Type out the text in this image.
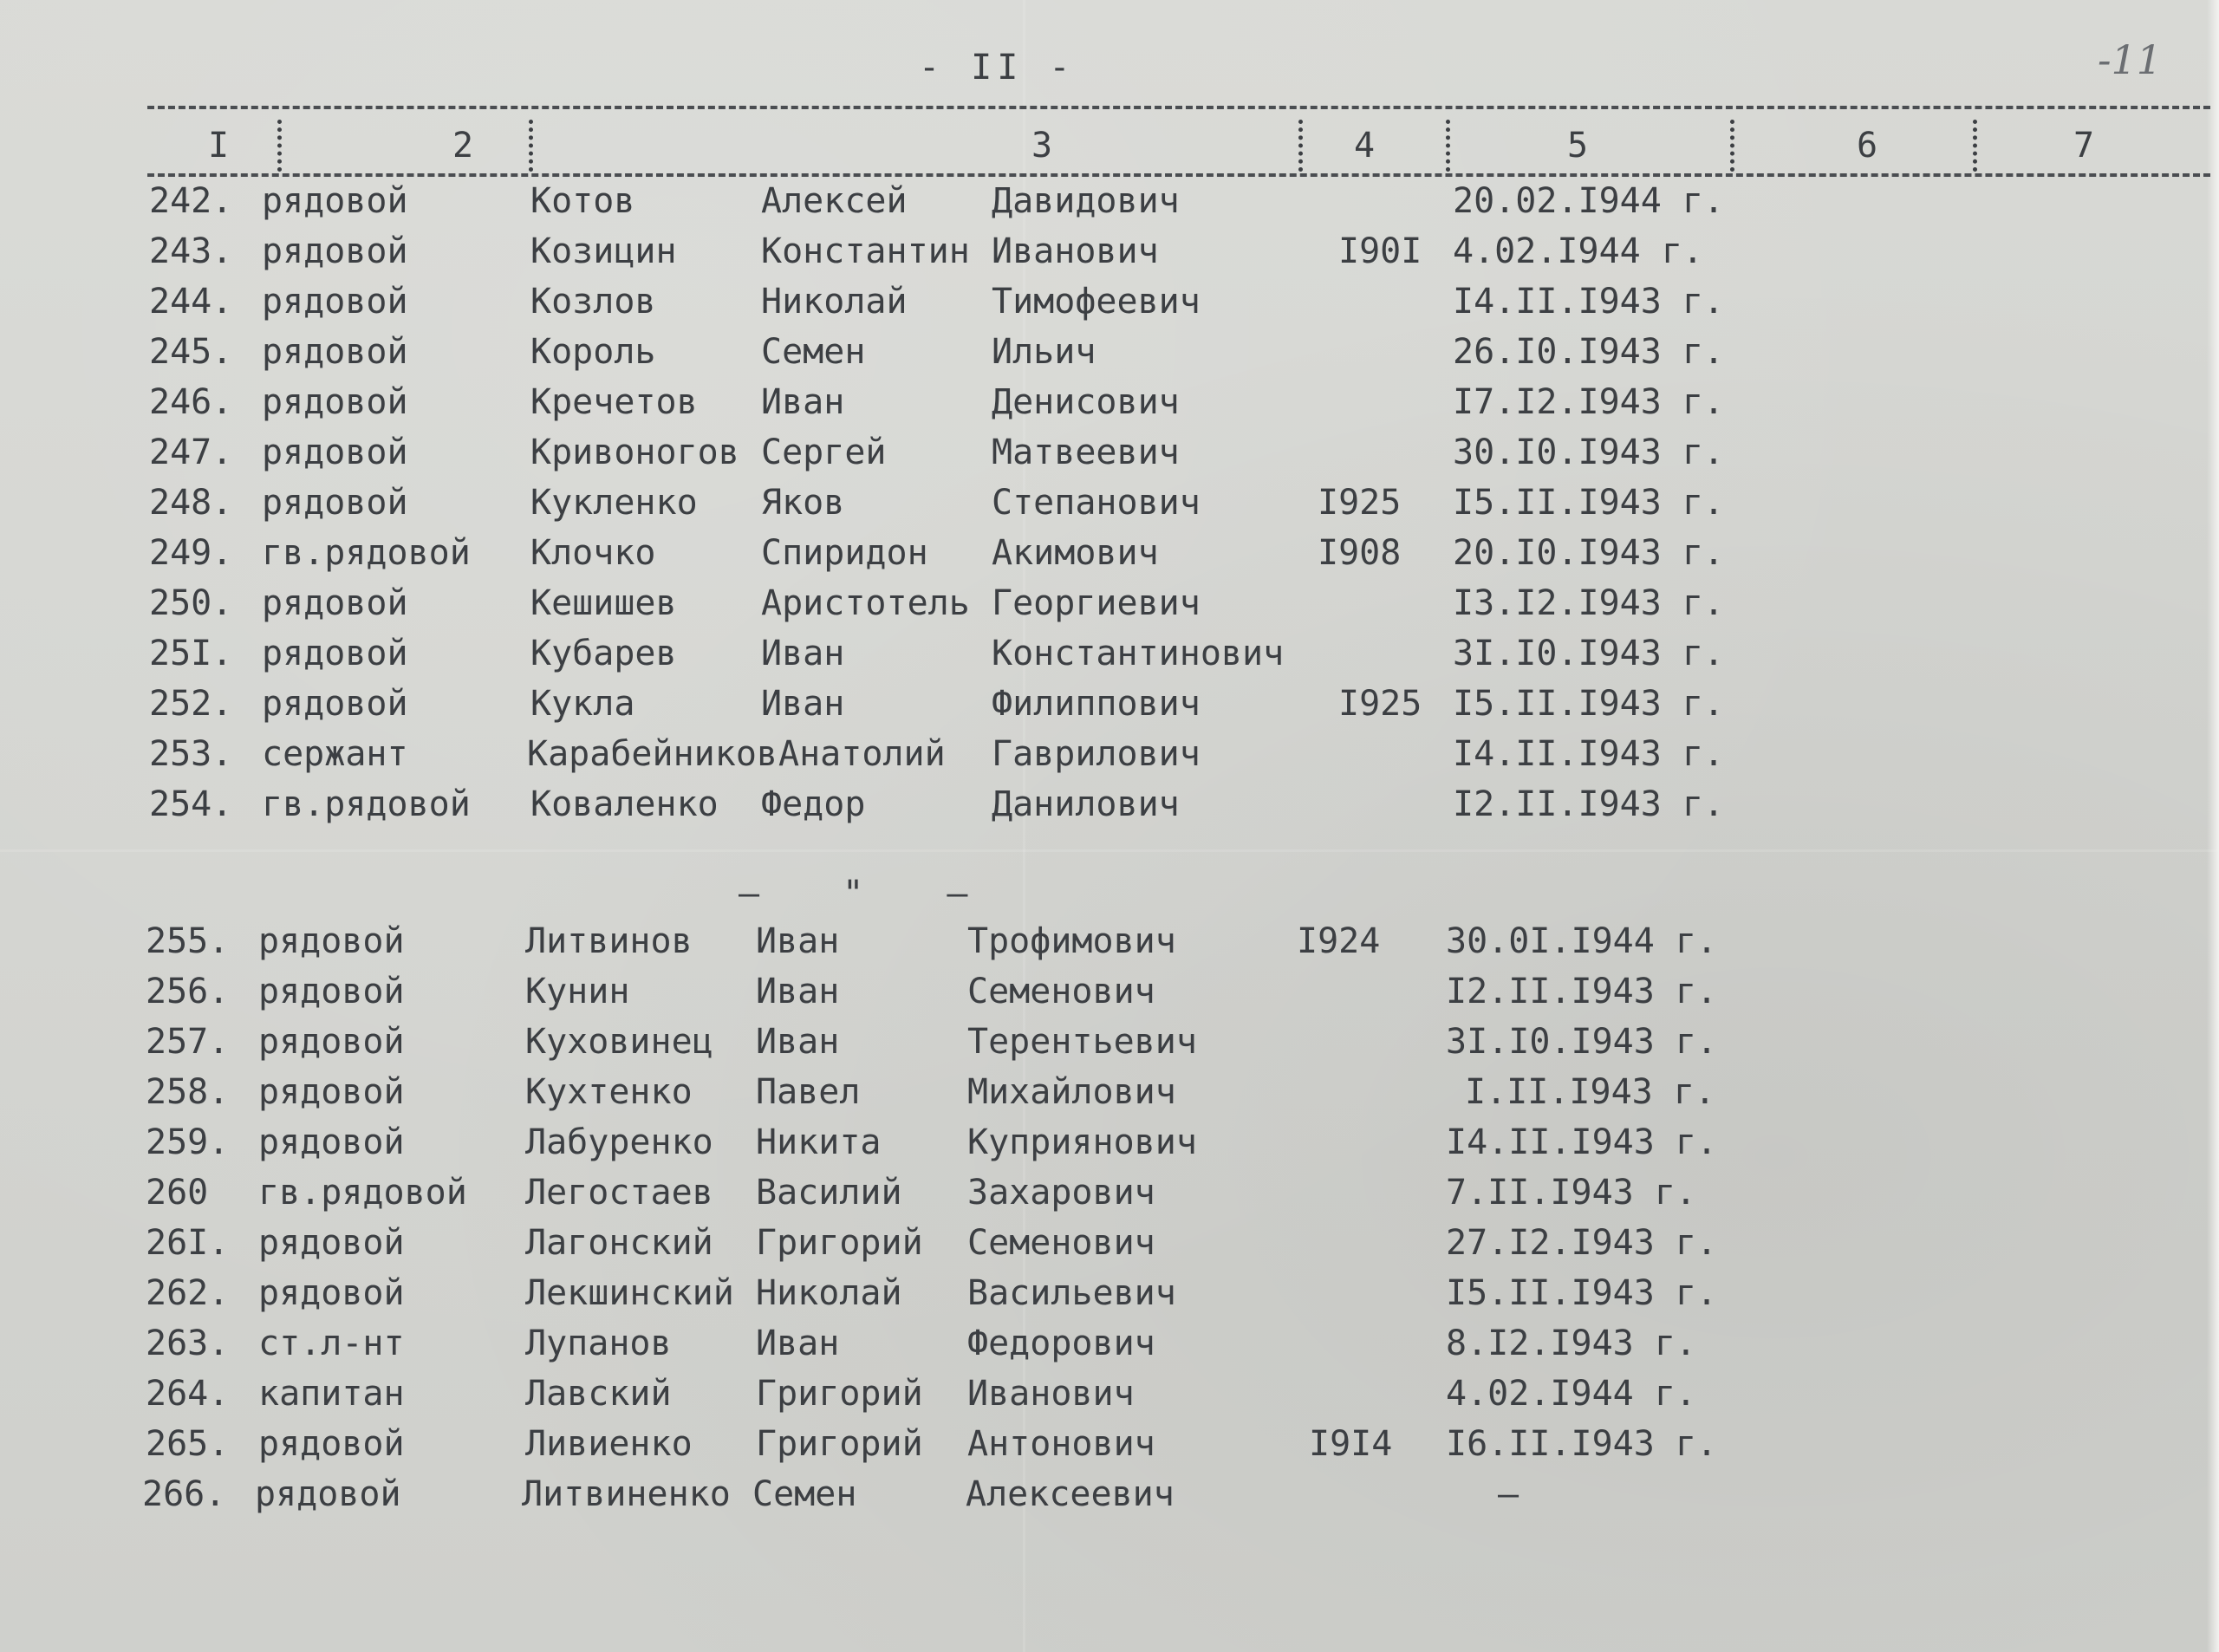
- II -	-11
I	2	3	4	5	6	7
242. рядовой	Котов	Алексей Давидович	20.02.I944 г.
243. рядовой	Козицин Константин Иванович	I90I 4.02.I944 г.
244. рядовой	Козлов	Николай Тимофеевич	I4.II.I943 г.
245. рядовой	Король	Семен	Ильич	26.I0.I943 г.
246. рядовой	Кречетов Иван	Денисович	I7.I2.I943 г.
247. рядовой	Кривоногов Сергей	Матвеевич	30.I0.I943 г.
248. рядовой	Кукленко Яков	Степанович	I925 I5.II.I943 г.
249. гв.рядовой Клочко	Спиридон Акимович	I908 20.I0.I943 г.
250. рядовой	Кешишев Аристотель Георгиевич	I3.I2.I943 г.
25I. рядовой	Кубарев Иван	Константинович	3I.I0.I943 г.
252. рядовой	Кукла	Иван	Филиппович	I925 I5.II.I943 г.
253. сержант	Карабейников Анатолий Гаврилович	I4.II.I943 г.
254. гв.рядовой Коваленко Федор	Данилович	I2.II.I943 г.
– " –
255. рядовой	Литвинов Иван	Трофимович	I924 30.0I.I944 г.
256. рядовой	Кунин	Иван	Семенович	I2.II.I943 г.
257. рядовой	Куховинец Иван	Терентьевич	3I.I0.I943 г.
258. рядовой	Кухтенко Павел	Михайлович	I.II.I943 г.
259. рядовой	Лабуренко Никита Куприянович	I4.II.I943 г.
260 гв.рядовой Легостаев Василий Захарович	7.II.I943 г.
26I. рядовой	Лагонский Григорий Семенович	27.I2.I943 г.
262. рядовой	Лекшинский Николай Васильевич	I5.II.I943 г.
263. ст.л-нт	Лупанов Иван	Федорович	8.I2.I943 г.
264. капитан	Лавский Григорий Иванович	4.02.I944 г.
265. рядовой	Ливиенко Григорий Антонович	I9I4 I6.II.I943 г.
266. рядовой	Литвиненко Семен	Алексеевич	–
